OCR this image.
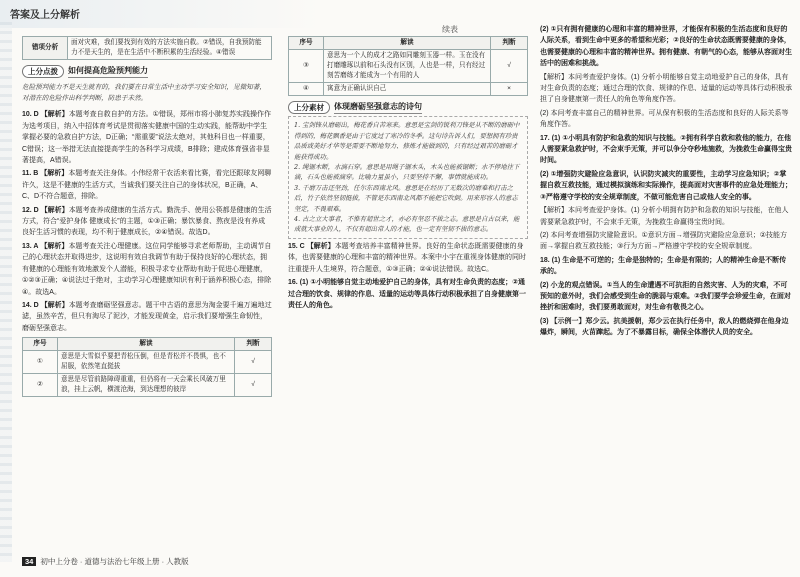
答案及上分解析
错项分析	面对灾难，我们要找到有效的方法实施自救。②错误，自我预防能力不是天生的，是在生活中不断积累的生活经验。④错误
上分点拨	如何提高危险预判能力
危险预判能力不是天生就有的，我们要在日常生活中主动学习安全知识，见微知著，对潜在的危险作出科学判断，防患于未然。
10. D 【解析】本题考查自救自护的方法。①错误，郑州市将小肺复苏实践操作作为选考项目，纳入中招体育考试是贯彻落实健康中国的生动实践，能帮助中学生掌握必要的急救自护方法，D正确；“需重要”说法太绝对，其他科目也一样重要，C错误；这一举措无法直接提高学生的各科学习成绩，B排除；建成体育强省非显著提高，A错误。
11. B 【解析】本题考查关注身体。小伟经常干农活来看比赛，看完还跟球友网聊许久，这是不健康的生活方式，当诚我们要关注自己的身体状况，B正确，A、C、D不符合题意，排除。
12. D 【解析】本题考查养成健康的生活方式。勤洗手、使用公筷都是健康的生活方式，符合“爱护身体 健康成长”的主题，①③正确；暴饮暴食、熬夜是没有养成良好生活习惯的表现，均不利于健康成长，②④错误。故选D。
13. A 【解析】本题考查关注心理健康。这位同学能够寻求老师帮助，主动调节自己的心理状态并取得进步，这说明有效自我调节有助于保持良好的心理状态，拥有健康的心理能有效地激发个人潜能，积极寻求专业帮助有助于促进心理健康，①②③正确；④说法过于绝对，主动学习心理健康知识有利于涵养积极心态，排除④。故选A。
14. D 【解析】本题考查磨砺坚强意志。题干中古语的意思为淘金要千遍万遍地过滤，虽然辛苦，但只有淘尽了泥沙，才能发现黄金，启示我们要增强生命韧性，磨砺坚强意志。
序号	解读	判断
①	意思是大雪似乎要把青松压倒，但是青松并不畏惧，也不屈服，依然笔直挺拔	√
②	意思是尽管前路障碍重重，但仍将有一天会乘长风破万里浪，挂上云帆，横渡沧海，到达理想的彼岸	√
续表
序号	解读	判断
③	意思为一个人的成才之路如同雕刻玉器一样。玉在没有打磨雕琢以前和石头没有区别，人也是一样，只有经过刻苦磨练才能成为一个有用的人	√
④	寓意为正确认识自己	×
上分素材	体现磨砺坚强意志的诗句
1. 宝剑锋从磨砺出，梅花香自苦寒来。意思是宝剑的锐利刀锋是从不断的磨砺中得到的，梅花飘香是由于它度过了寒冷的冬季。这句诗告诉人们，要想拥有珍贵品质或美好才华等是需要不断地努力、修炼才能做到的，只有经过艰苦的磨砺才能获得成功。
2. 绳锯木断，水滴石穿。意思是用绳子锯木头，木头也能被锯断；水不停地往下滴，石头也能被滴穿。比喻力量虽小，只要坚持不懈，事情就能成功。
3. 千磨万击还坚劲，任尔东西南北风。意思是在经历了无数次的磨难和打击之后，竹子依然坚韧挺拔，不管是东西南北风都不能把它吹倒。用来形容人的意志坚定，不畏艰难。
4. 古之立大事者，不惟有超世之才，亦必有坚忍不拔之志。意思是自古以来，能成就大事业的人，不仅有超出常人的才能，也一定有坚韧不拔的意志。
15. C 【解析】本题考查培养丰富精神世界。良好的生命状态既需要健康的身体，也需要健康的心理和丰富的精神世界。本案中小宇在重视身体健康的同时注重提升人生境界，符合题意，①③正确；②④说法错误。故选C。
16. (1) ①小明能够自觉主动地爱护自己的身体，具有对生命负责的态度；②通过合理的饮食、规律的作息、适量的运动等具体行动积极承担了自身健康第一责任人的角色。
(2) ①只有拥有健康的心理和丰富的精神世界，才能保有积极的生活态度和良好的人际关系，看到生命中更多的希望和光彩；②良好的生命状态既需要健康的身体，也需要健康的心理和丰富的精神世界。拥有健康、有朝气的心态，能够从容面对生活中的困难和挑战。
【解析】本问考查爱护身体。(1) 分析小明能够自觉主动地爱护自己的身体，具有对生命负责的态度；通过合理的饮食、规律的作息、适量的运动等具体行动积极承担了自身健康第一责任人的角色等角度作答。
(2) 本问考查丰富自己的精神世界。可从保有积极的生活态度和良好的人际关系等角度作答。
17. (1) ①小明具有防护和急救的知识与技能。②拥有科学自救和救他的能力，在他人需要紧急救护时，不会束手无策，并可以争分夺秒地施救，为挽救生命赢得宝贵时间。
(2) ①增强防灾避险应急意识，认识防灾减灾的重要性，主动学习应急知识；②掌握自救互救技能，通过模拟演练和实际操作，提高面对灾害事件的应急处理能力；③严格遵守学校的安全规章制度，不做可能危害自己或他人安全的事。
【解析】本问考查爱护身体。(1) 分析小明拥有防护和急救的知识与技能，在他人需要紧急救护时，不会束手无策，为挽救生命赢得宝贵时间。
(2) 本问考查增强防灾避险意识。①意识方面→增强防灾避险应急意识；②技能方面→掌握自救互救技能；③行为方面→严格遵守学校的安全规章制度。
18. (1) 生命是不可逆的；生命是独特的；生命是有限的；人的精神生命是不断传承的。
(2) 小龙的观点错误。①当人的生命遭遇不可抗拒的自然灾害、人为的灾难，不可预知的意外时，我们会感受到生命的脆弱与艰难。②我们要学会珍爱生命，在面对挫折和困难时，我们要勇敢面对，对生命有敬畏之心。
(3) 【示例一】郑少云。抗美援朝，郑少云在执行任务中，敌人的燃烧弹在他身边爆炸，瞬间，火苗蹿起。为了不暴露目标，确保全体潜伏人员的安全。
34 初中上分卷 · 道德与法治七年级上册 · 人教版
